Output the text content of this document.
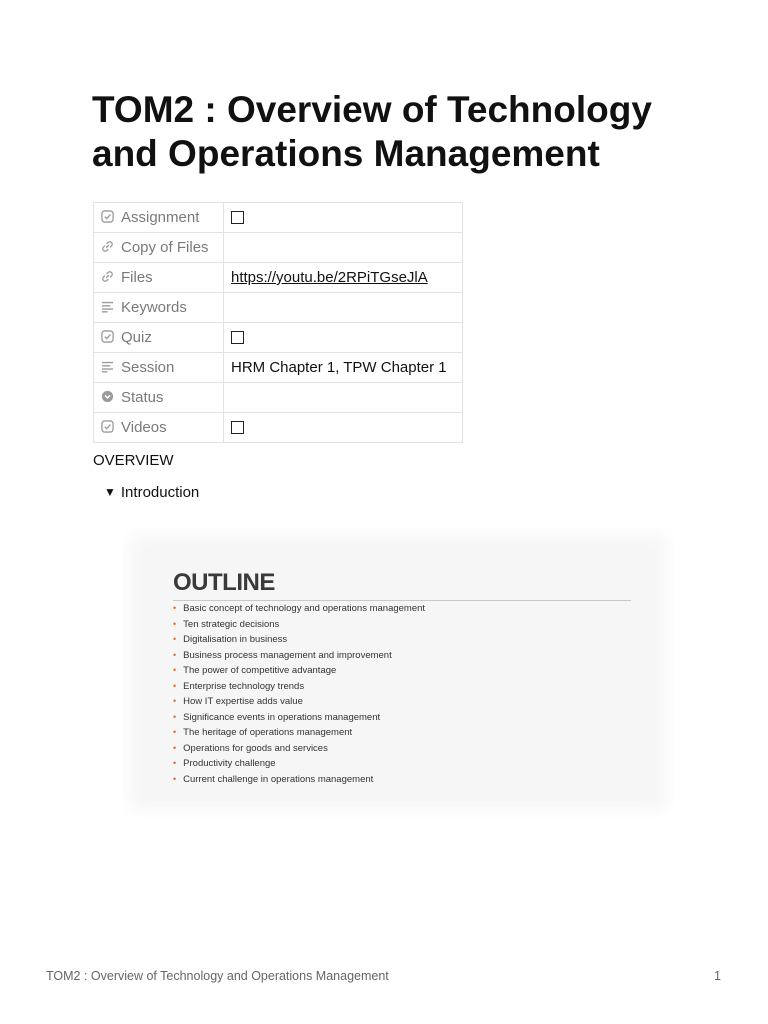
TOM2 : Overview of Technology and Operations Management
Assignment	

Copy of Files	

Files	https://youtu.be/2RPiTGseJlA

Keywords	

Quiz	

Session	HRM Chapter 1, TPW Chapter 1

Status	

Videos	
OVERVIEW
▼ Introduction
OUTLINE
• Basic concept of technology and operations management
• Ten strategic decisions
• Digitalisation in business
• Business process management and improvement
• The power of competitive advantage
• Enterprise technology trends
• How IT expertise adds value
• Significance events in operations management
• The heritage of operations management
• Operations for goods and services
• Productivity challenge
• Current challenge in operations management
TOM2 : Overview of Technology and Operations Management	1
